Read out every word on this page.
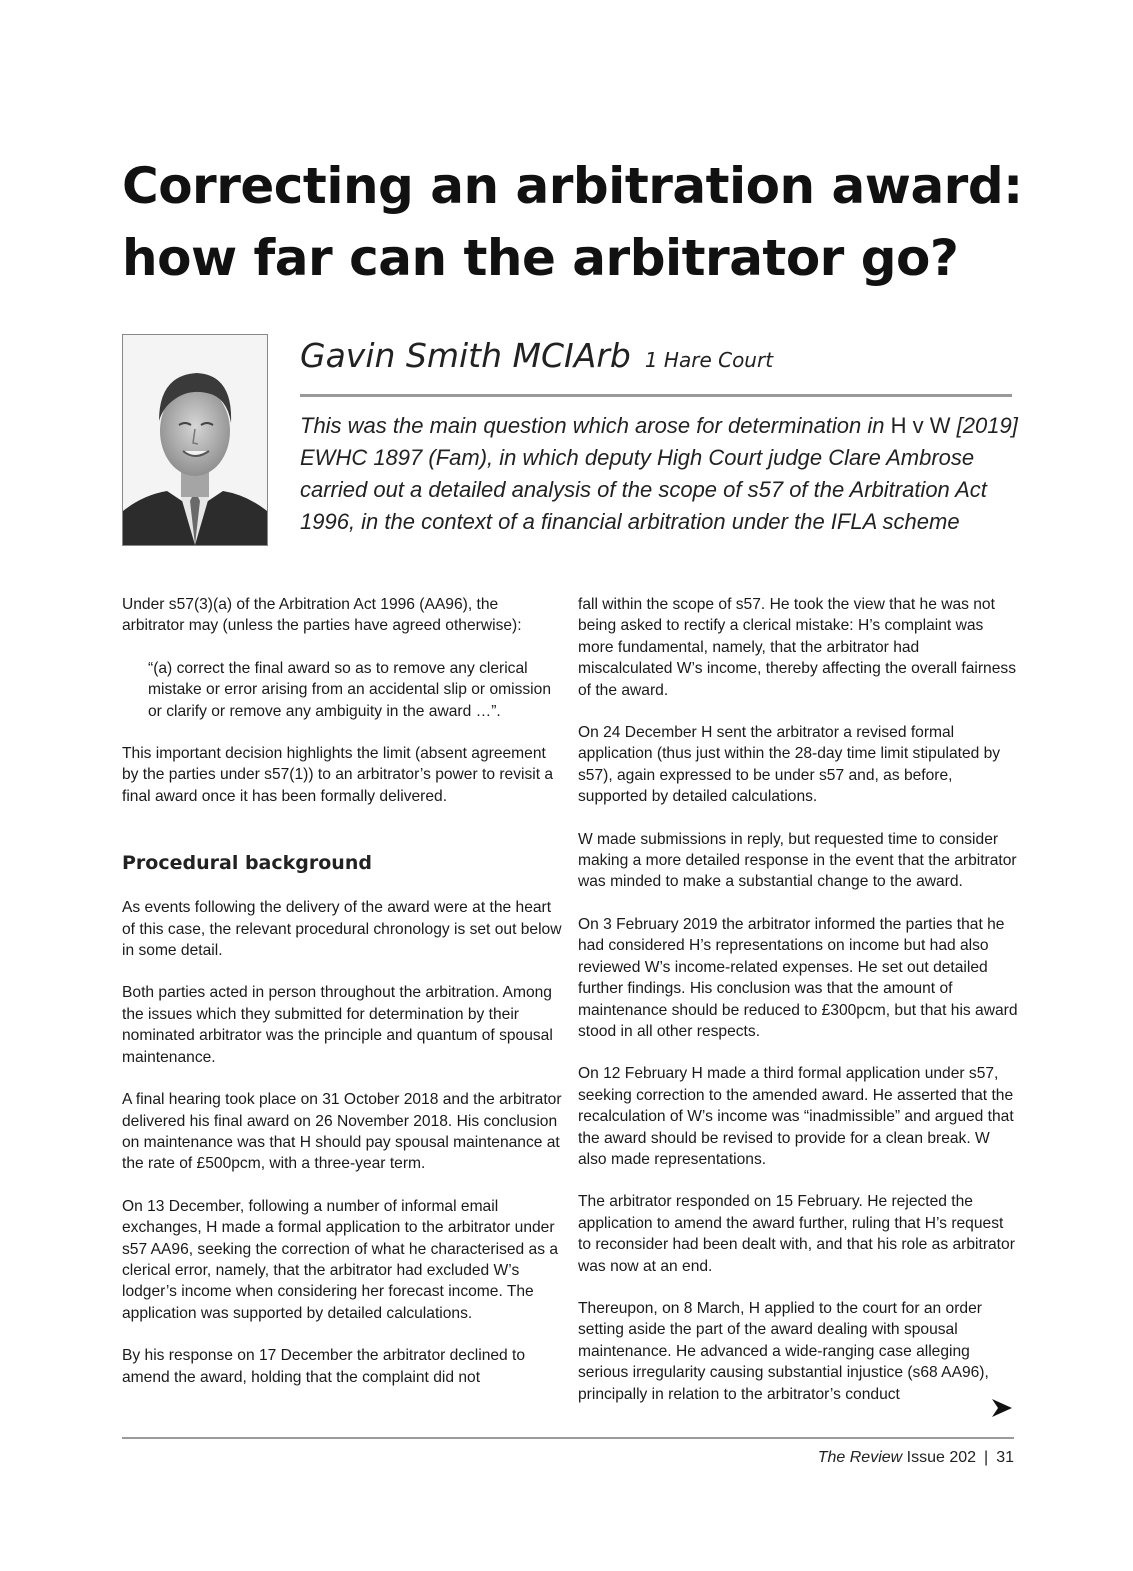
Correcting an arbitration award:
how far can the arbitrator go?
Gavin Smith MCIArb 1 Hare Court

This was the main question which arose for determination in H v W [2019] EWHC 1897 (Fam), in which deputy High Court judge Clare Ambrose carried out a detailed analysis of the scope of s57 of the Arbitration Act 1996, in the context of a financial arbitration under the IFLA scheme

Under s57(3)(a) of the Arbitration Act 1996 (AA96), the arbitrator may (unless the parties have agreed otherwise):

“(a) correct the final award so as to remove any clerical mistake or error arising from an accidental slip or omission or clarify or remove any ambiguity in the award …”.

This important decision highlights the limit (absent agreement by the parties under s57(1)) to an arbitrator’s power to revisit a final award once it has been formally delivered.

Procedural background

As events following the delivery of the award were at the heart of this case, the relevant procedural chronology is set out below in some detail.

Both parties acted in person throughout the arbitration. Among the issues which they submitted for determination by their nominated arbitrator was the principle and quantum of spousal maintenance.

A final hearing took place on 31 October 2018 and the arbitrator delivered his final award on 26 November 2018. His conclusion on maintenance was that H should pay spousal maintenance at the rate of £500pcm, with a three-year term.

On 13 December, following a number of informal email exchanges, H made a formal application to the arbitrator under s57 AA96, seeking the correction of what he characterised as a clerical error, namely, that the arbitrator had excluded W’s lodger’s income when considering her forecast income. The application was supported by detailed calculations.

By his response on 17 December the arbitrator declined to amend the award, holding that the complaint did not

fall within the scope of s57. He took the view that he was not being asked to rectify a clerical mistake: H’s complaint was more fundamental, namely, that the arbitrator had miscalculated W’s income, thereby affecting the overall fairness of the award.

On 24 December H sent the arbitrator a revised formal application (thus just within the 28-day time limit stipulated by s57), again expressed to be under s57 and, as before, supported by detailed calculations.

W made submissions in reply, but requested time to consider making a more detailed response in the event that the arbitrator was minded to make a substantial change to the award.

On 3 February 2019 the arbitrator informed the parties that he had considered H’s representations on income but had also reviewed W’s income-related expenses. He set out detailed further findings. His conclusion was that the amount of maintenance should be reduced to £300pcm, but that his award stood in all other respects.

On 12 February H made a third formal application under s57, seeking correction to the amended award. He asserted that the recalculation of W’s income was “inadmissible” and argued that the award should be revised to provide for a clean break. W also made representations.

The arbitrator responded on 15 February. He rejected the application to amend the award further, ruling that H’s request to reconsider had been dealt with, and that his role as arbitrator was now at an end.

Thereupon, on 8 March, H applied to the court for an order setting aside the part of the award dealing with spousal maintenance. He advanced a wide-ranging case alleging serious irregularity causing substantial injustice (s68 AA96), principally in relation to the arbitrator’s conduct

The Review Issue 202 | 31
